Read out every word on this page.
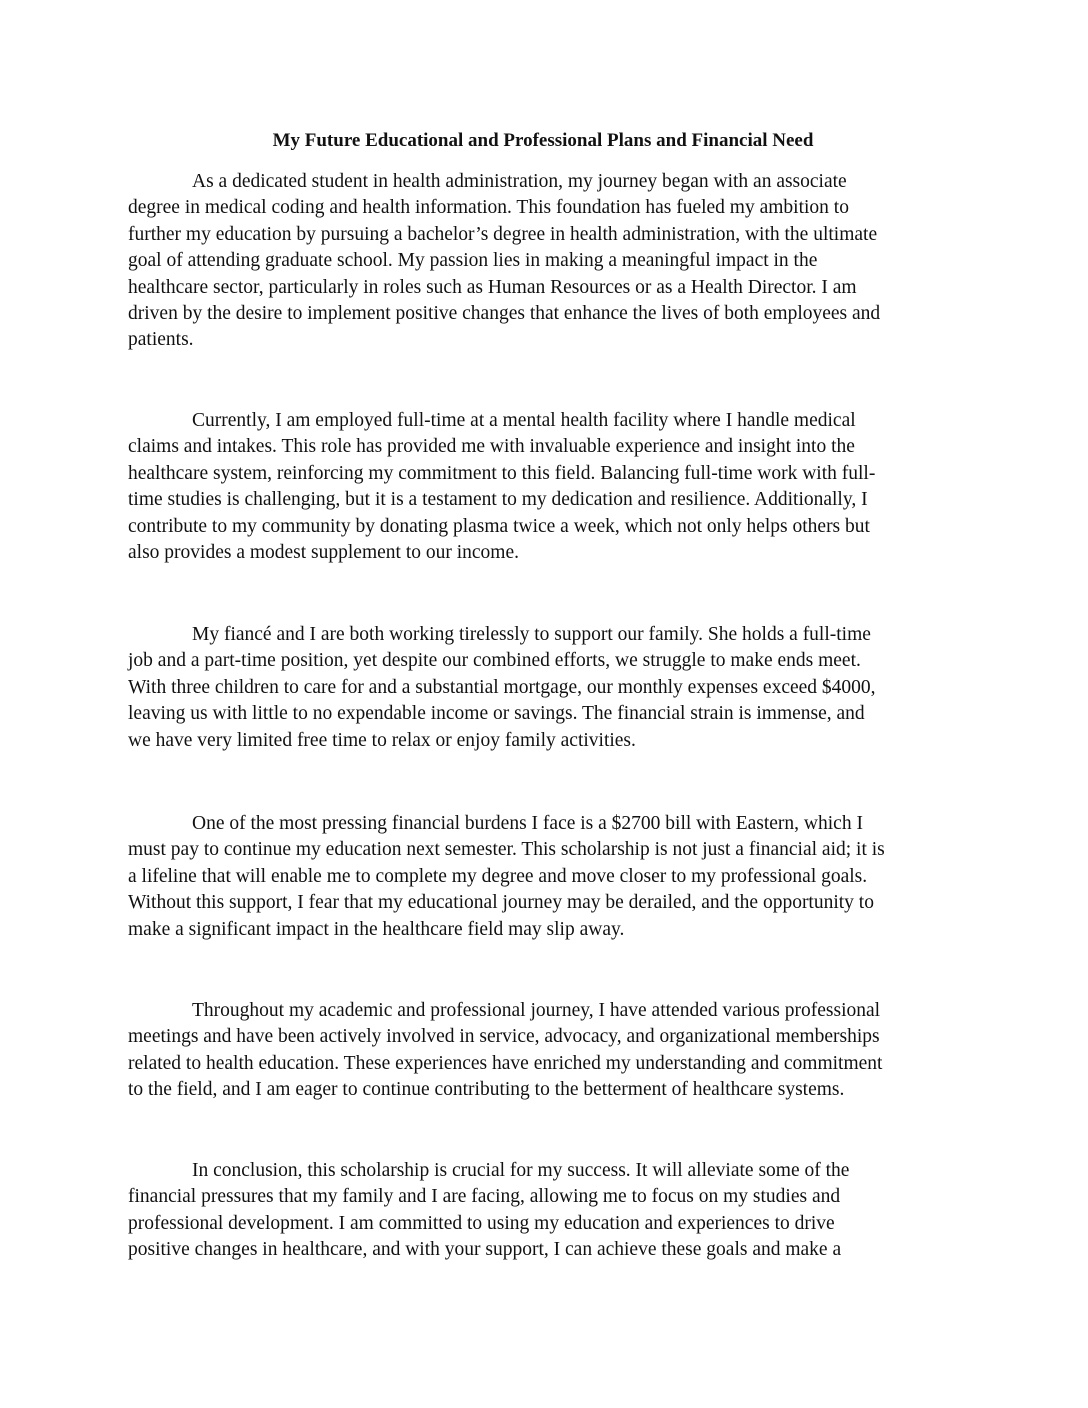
My Future Educational and Professional Plans and Financial Need

As a dedicated student in health administration, my journey began with an associate
degree in medical coding and health information. This foundation has fueled my ambition to
further my education by pursuing a bachelor’s degree in health administration, with the ultimate
goal of attending graduate school. My passion lies in making a meaningful impact in the
healthcare sector, particularly in roles such as Human Resources or as a Health Director. I am
driven by the desire to implement positive changes that enhance the lives of both employees and
patients.

Currently, I am employed full-time at a mental health facility where I handle medical
claims and intakes. This role has provided me with invaluable experience and insight into the
healthcare system, reinforcing my commitment to this field. Balancing full-time work with full-
time studies is challenging, but it is a testament to my dedication and resilience. Additionally, I
contribute to my community by donating plasma twice a week, which not only helps others but
also provides a modest supplement to our income.

My fiancé and I are both working tirelessly to support our family. She holds a full-time
job and a part-time position, yet despite our combined efforts, we struggle to make ends meet.
With three children to care for and a substantial mortgage, our monthly expenses exceed $4000,
leaving us with little to no expendable income or savings. The financial strain is immense, and
we have very limited free time to relax or enjoy family activities.

One of the most pressing financial burdens I face is a $2700 bill with Eastern, which I
must pay to continue my education next semester. This scholarship is not just a financial aid; it is
a lifeline that will enable me to complete my degree and move closer to my professional goals.
Without this support, I fear that my educational journey may be derailed, and the opportunity to
make a significant impact in the healthcare field may slip away.

Throughout my academic and professional journey, I have attended various professional
meetings and have been actively involved in service, advocacy, and organizational memberships
related to health education. These experiences have enriched my understanding and commitment
to the field, and I am eager to continue contributing to the betterment of healthcare systems.

In conclusion, this scholarship is crucial for my success. It will alleviate some of the
financial pressures that my family and I are facing, allowing me to focus on my studies and
professional development. I am committed to using my education and experiences to drive
positive changes in healthcare, and with your support, I can achieve these goals and make a
